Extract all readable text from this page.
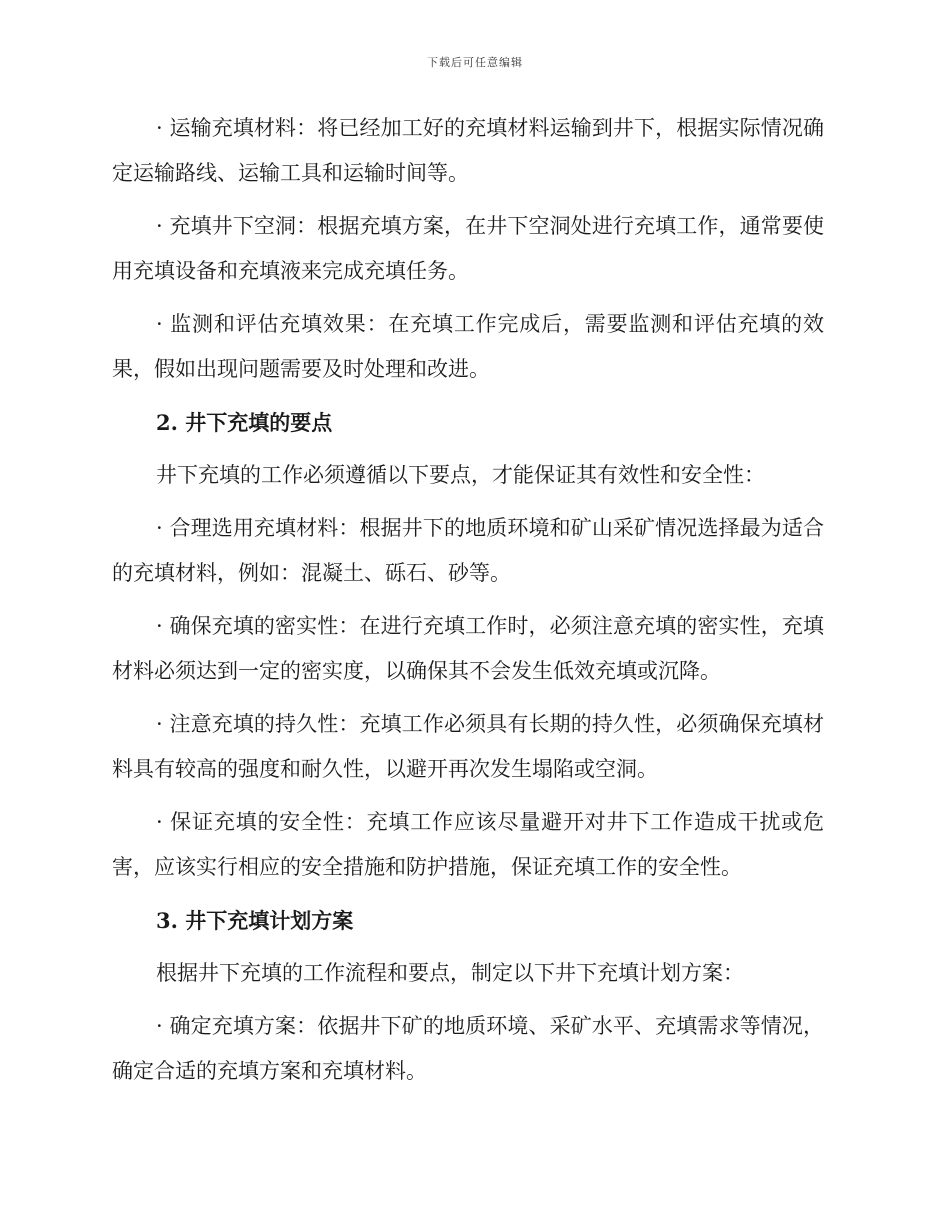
下载后可任意编辑

· 运输充填材料：将已经加工好的充填材料运输到井下，根据实际情况确定运输路线、运输工具和运输时间等。

· 充填井下空洞：根据充填方案，在井下空洞处进行充填工作，通常要使用充填设备和充填液来完成充填任务。

· 监测和评估充填效果：在充填工作完成后，需要监测和评估充填的效果，假如出现问题需要及时处理和改进。

2. 井下充填的要点

井下充填的工作必须遵循以下要点，才能保证其有效性和安全性：

· 合理选用充填材料：根据井下的地质环境和矿山采矿情况选择最为适合的充填材料，例如：混凝土、砾石、砂等。

· 确保充填的密实性：在进行充填工作时，必须注意充填的密实性，充填材料必须达到一定的密实度，以确保其不会发生低效充填或沉降。

· 注意充填的持久性：充填工作必须具有长期的持久性，必须确保充填材料具有较高的强度和耐久性，以避开再次发生塌陷或空洞。

· 保证充填的安全性：充填工作应该尽量避开对井下工作造成干扰或危害，应该实行相应的安全措施和防护措施，保证充填工作的安全性。

3. 井下充填计划方案

根据井下充填的工作流程和要点，制定以下井下充填计划方案：

· 确定充填方案：依据井下矿的地质环境、采矿水平、充填需求等情况，确定合适的充填方案和充填材料。
